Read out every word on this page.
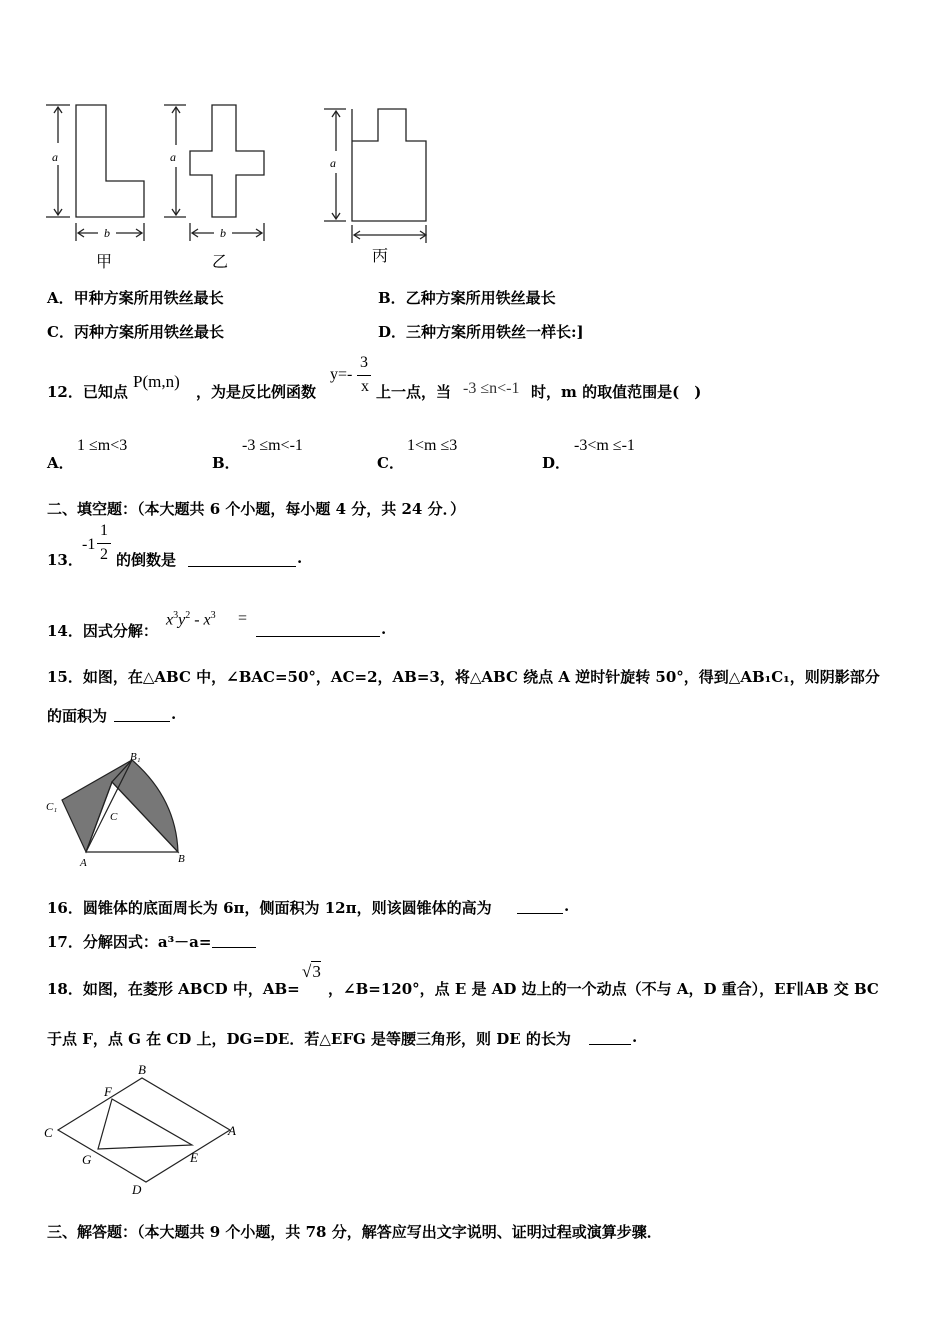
a	a	a
b	b
甲	乙	丙
A．甲种方案所用铁丝最长	B．乙种方案所用铁丝最长
C．丙种方案所用铁丝最长	D．三种方案所用铁丝一样长:]
12．已知点
P(m,n)
，为是反比例函数
y=-
3
x 上一点，当 -3 ≤n<-1 时，m 的取值范围是(　)
A．
1 ≤m<3
B．
-3 ≤m<-1
C．
1<m ≤3
D．
-3<m ≤-1
二、填空题：（本大题共 6 个小题，每小题 4 分，共 24 分．）
13．
-1
1
2 的倒数是	.
14．因式分解：
$x^3y^2 - x^3$ =
.
15．如图，在△ABC 中，∠BAC=50°，AC=2，AB=3，将△ABC 绕点 A 逆时针旋转 50°，得到△AB₁C₁，则阴影部分
的面积为	.
B₁
C₁
C
A	B
16．圆锥体的底面周长为 6π，侧面积为 12π，则该圆锥体的高为	.
17．分解因式：a³－a=
18．如图，在菱形 ABCD 中，AB=
√3
，∠B=120°，点 E 是 AD 边上的一个动点（不与 A，D 重合），EF∥AB 交 BC
于点 F，点 G 在 CD 上，DG=DE．若△EFG 是等腰三角形，则 DE 的长为	.
B
F
C	A
G	E
D
三、解答题：（本大题共 9 个小题，共 78 分，解答应写出文字说明、证明过程或演算步骤．
